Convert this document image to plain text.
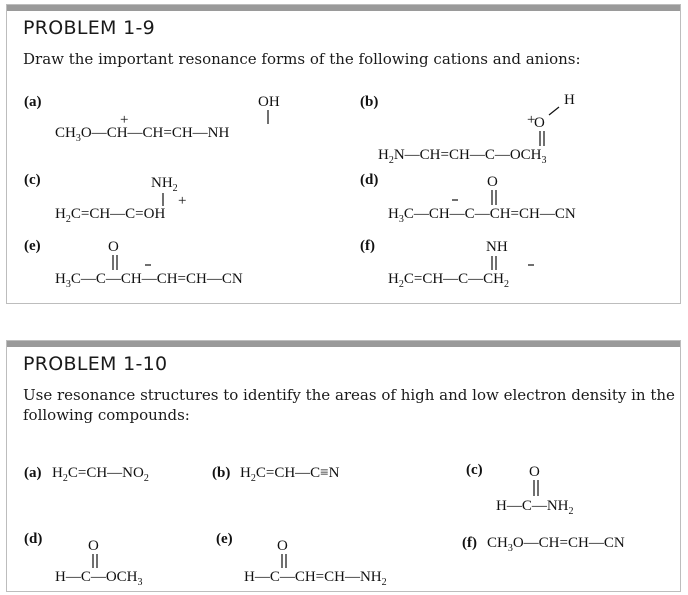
PROBLEM 1-9
Draw the important resonance forms of the following cations and anions:
PROBLEM 1-10
Use resonance structures to identify the areas of high and low electron density in the
following compounds:
(a)
$CH_3O—CH—CH=CH—NH$
+
OH	(b)	H
+
O
$H_2N—CH=CH—C—OCH_3$
(c)	$NH_2$
+
$H_2C=CH—C=OH$
(d)	O
$H_3C—CH—C—CH=CH—CN$
(e)	O
$H_3C—C—CH—CH=CH—CN$
(f)	NH
$H_2C=CH—C—CH_2$
(a) $H_2C=CH—NO_2$	(b) $H_2C=CH—C\equiv N$	(c)	O
$H—C—NH_2$
(d)	O
$H—C—OCH_3$
(e)	O
$H—C—CH=CH—NH_2$
(f) $CH_3O—CH=CH—CN$
